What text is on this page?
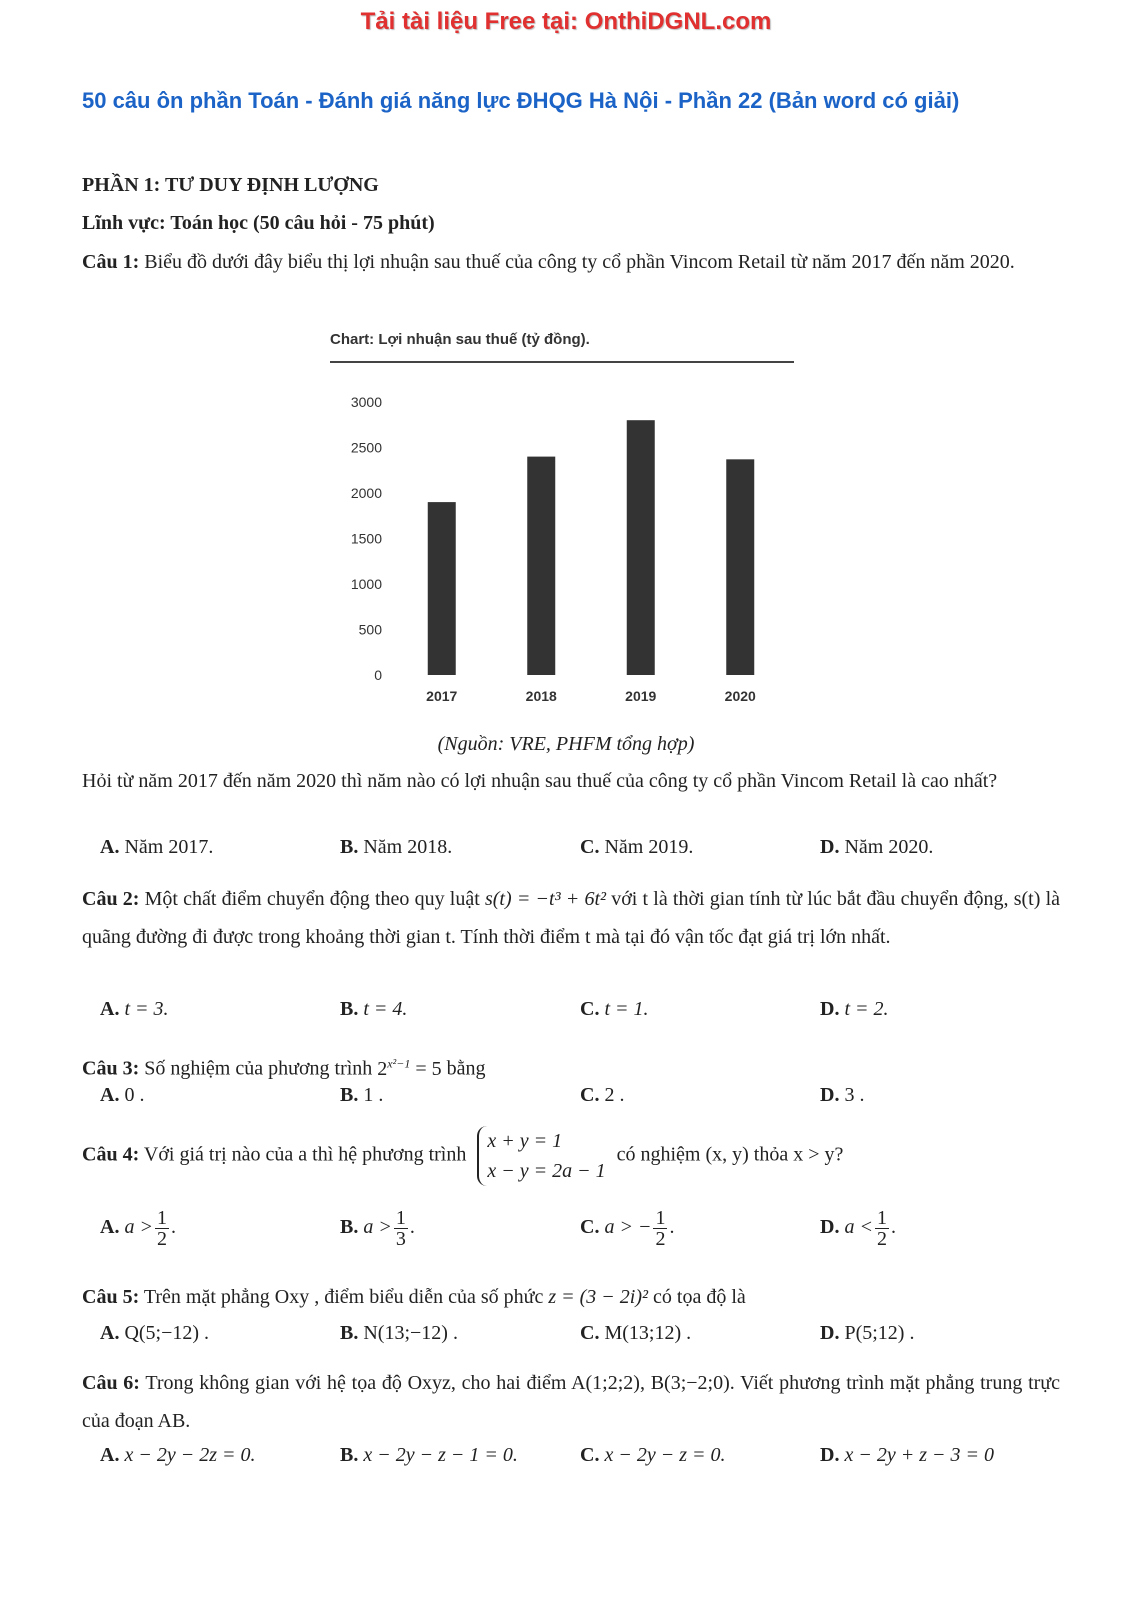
Tải tài liệu Free tại: OnthiDGNL.com
50 câu ôn phần Toán - Đánh giá năng lực ĐHQG Hà Nội - Phần 22 (Bản word có giải)
PHẦN 1: TƯ DUY ĐỊNH LƯỢNG
Lĩnh vực: Toán học (50 câu hỏi - 75 phút)
Câu 1: Biểu đồ dưới đây biểu thị lợi nhuận sau thuế của công ty cổ phần Vincom Retail từ năm 2017 đến năm 2020.
Chart: Lợi nhuận sau thuế (tỷ đồng).
0
500
1000
1500
2000
2500
3000
2017	2018	2019	2020
(Nguồn: VRE, PHFM tổng hợp)
Hỏi từ năm 2017 đến năm 2020 thì năm nào có lợi nhuận sau thuế của công ty cổ phần Vincom Retail là cao nhất?
A. Năm 2017.	B. Năm 2018.	C. Năm 2019.	D. Năm 2020.
Câu 2: Một chất điểm chuyển động theo quy luật s(t) = −t³ + 6t² với t là thời gian tính từ lúc bắt đầu chuyển động, s(t) là quãng đường đi được trong khoảng thời gian t. Tính thời điểm t mà tại đó vận tốc đạt giá trị lớn nhất.
A. t = 3.	B. t = 4.	C. t = 1.	D. t = 2.
Câu 3: Số nghiệm của phương trình $2^{x^2-1} = 5$ bằng
A. 0 .	B. 1 .	C. 2 .	D. 3 .
Câu 4: Với giá trị nào của a thì hệ phương trình
x + y = 1
x − y = 2a − 1
có nghiệm (x, y) thỏa x > y?
A. $a > \frac{1}{2}$ .	B. $a > \frac{1}{3}$ .	C. a > − $\frac{1}{2}$ .	D. $a < \frac{1}{2}$ .
Câu 5: Trên mặt phẳng Oxy , điểm biểu diễn của số phức z = (3 − 2i)² có tọa độ là
A. Q(5;−12) .	B. N(13;−12) .	C. M(13;12) .	D. P(5;12) .
Câu 6: Trong không gian với hệ tọa độ Oxyz, cho hai điểm A(1;2;2), B(3;−2;0). Viết phương trình mặt phẳng trung trực của đoạn AB.
A. x − 2y − 2z = 0.	B. x − 2y − z − 1 = 0.	C. x − 2y − z = 0.	D. x − 2y + z − 3 = 0
